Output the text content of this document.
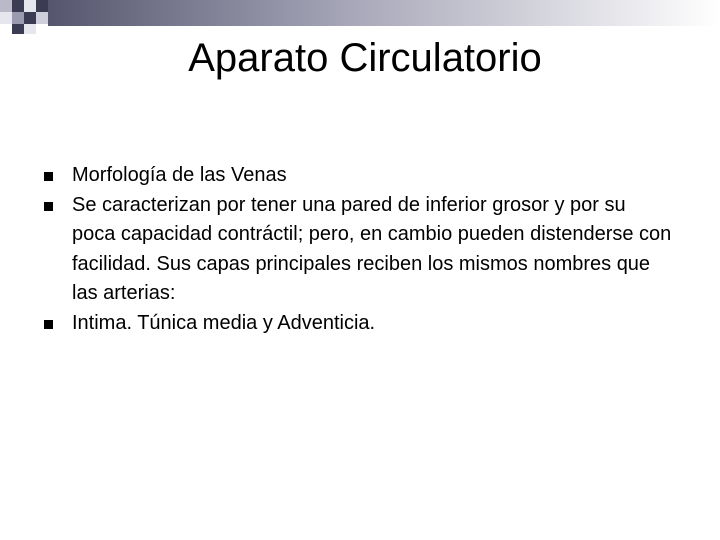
Aparato Circulatorio
Morfología de las Venas
Se caracterizan por tener una pared de inferior grosor y por su poca capacidad contráctil; pero, en cambio pueden distenderse con facilidad. Sus capas principales reciben los mismos nombres que las arterias:
Intima. Túnica media y Adventicia.
